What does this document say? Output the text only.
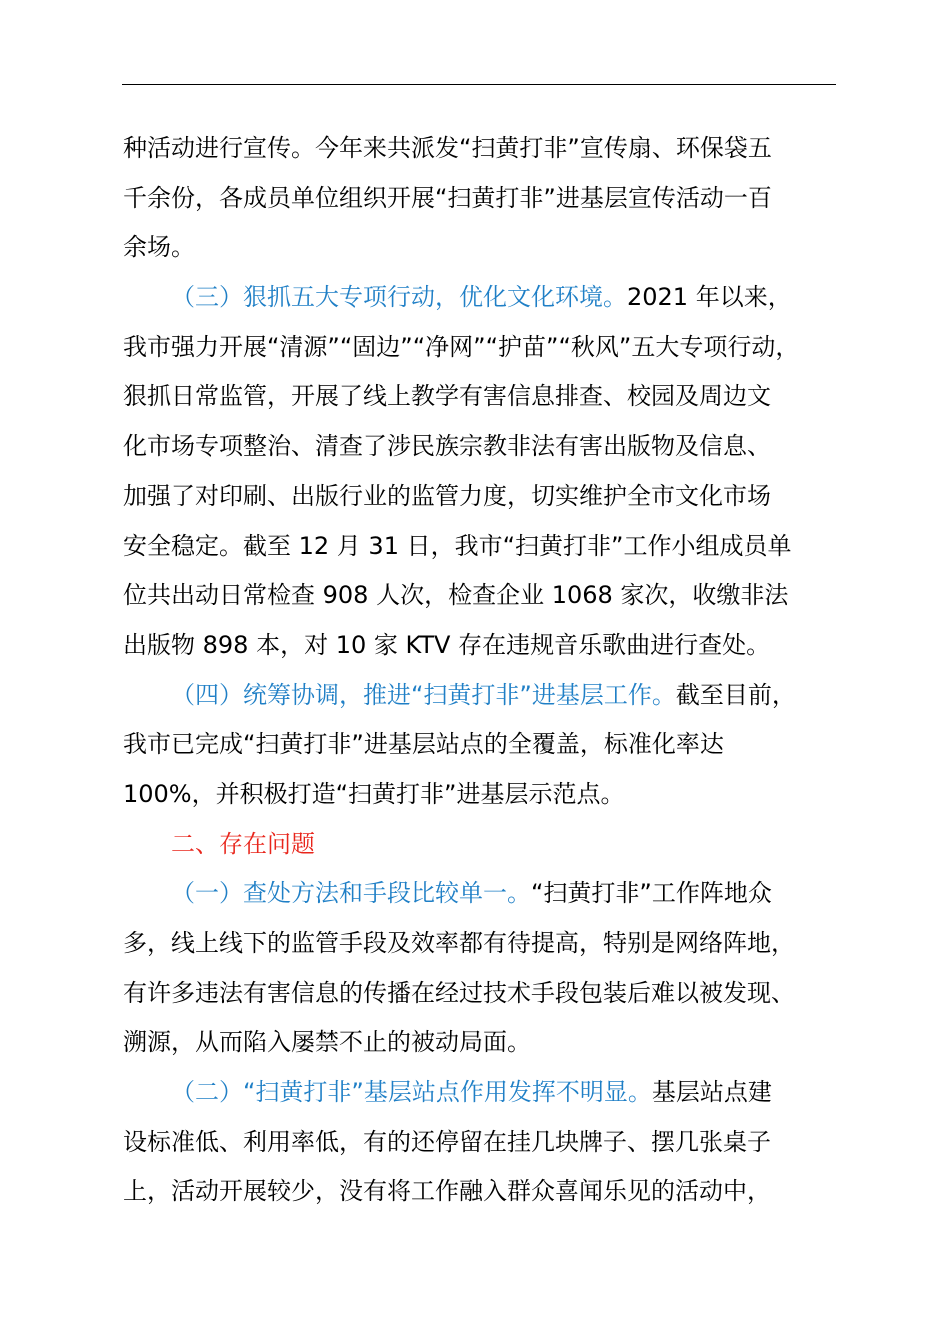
种活动进行宣传。今年来共派发“扫黄打非”宣传扇、环保袋五
千余份，各成员单位组织开展“扫黄打非”进基层宣传活动一百
余场。
（三）狠抓五大专项行动，优化文化环境。2021 年以来，
我市强力开展“清源”“固边”“净网”“护苗”“秋风”五大专项行动，
狠抓日常监管，开展了线上教学有害信息排查、校园及周边文
化市场专项整治、清查了涉民族宗教非法有害出版物及信息、
加强了对印刷、出版行业的监管力度，切实维护全市文化市场
安全稳定。截至 12 月 31 日，我市“扫黄打非”工作小组成员单
位共出动日常检查 908 人次，检查企业 1068 家次，收缴非法
出版物 898 本，对 10 家 KTV 存在违规音乐歌曲进行查处。
（四）统筹协调，推进“扫黄打非”进基层工作。截至目前，
我市已完成“扫黄打非”进基层站点的全覆盖，标准化率达
100%，并积极打造“扫黄打非”进基层示范点。
二、存在问题
（一）查处方法和手段比较单一。“扫黄打非”工作阵地众
多，线上线下的监管手段及效率都有待提高，特别是网络阵地，
有许多违法有害信息的传播在经过技术手段包装后难以被发现、
溯源，从而陷入屡禁不止的被动局面。
（二）“扫黄打非”基层站点作用发挥不明显。基层站点建
设标准低、利用率低，有的还停留在挂几块牌子、摆几张桌子
上，活动开展较少，没有将工作融入群众喜闻乐见的活动中，
